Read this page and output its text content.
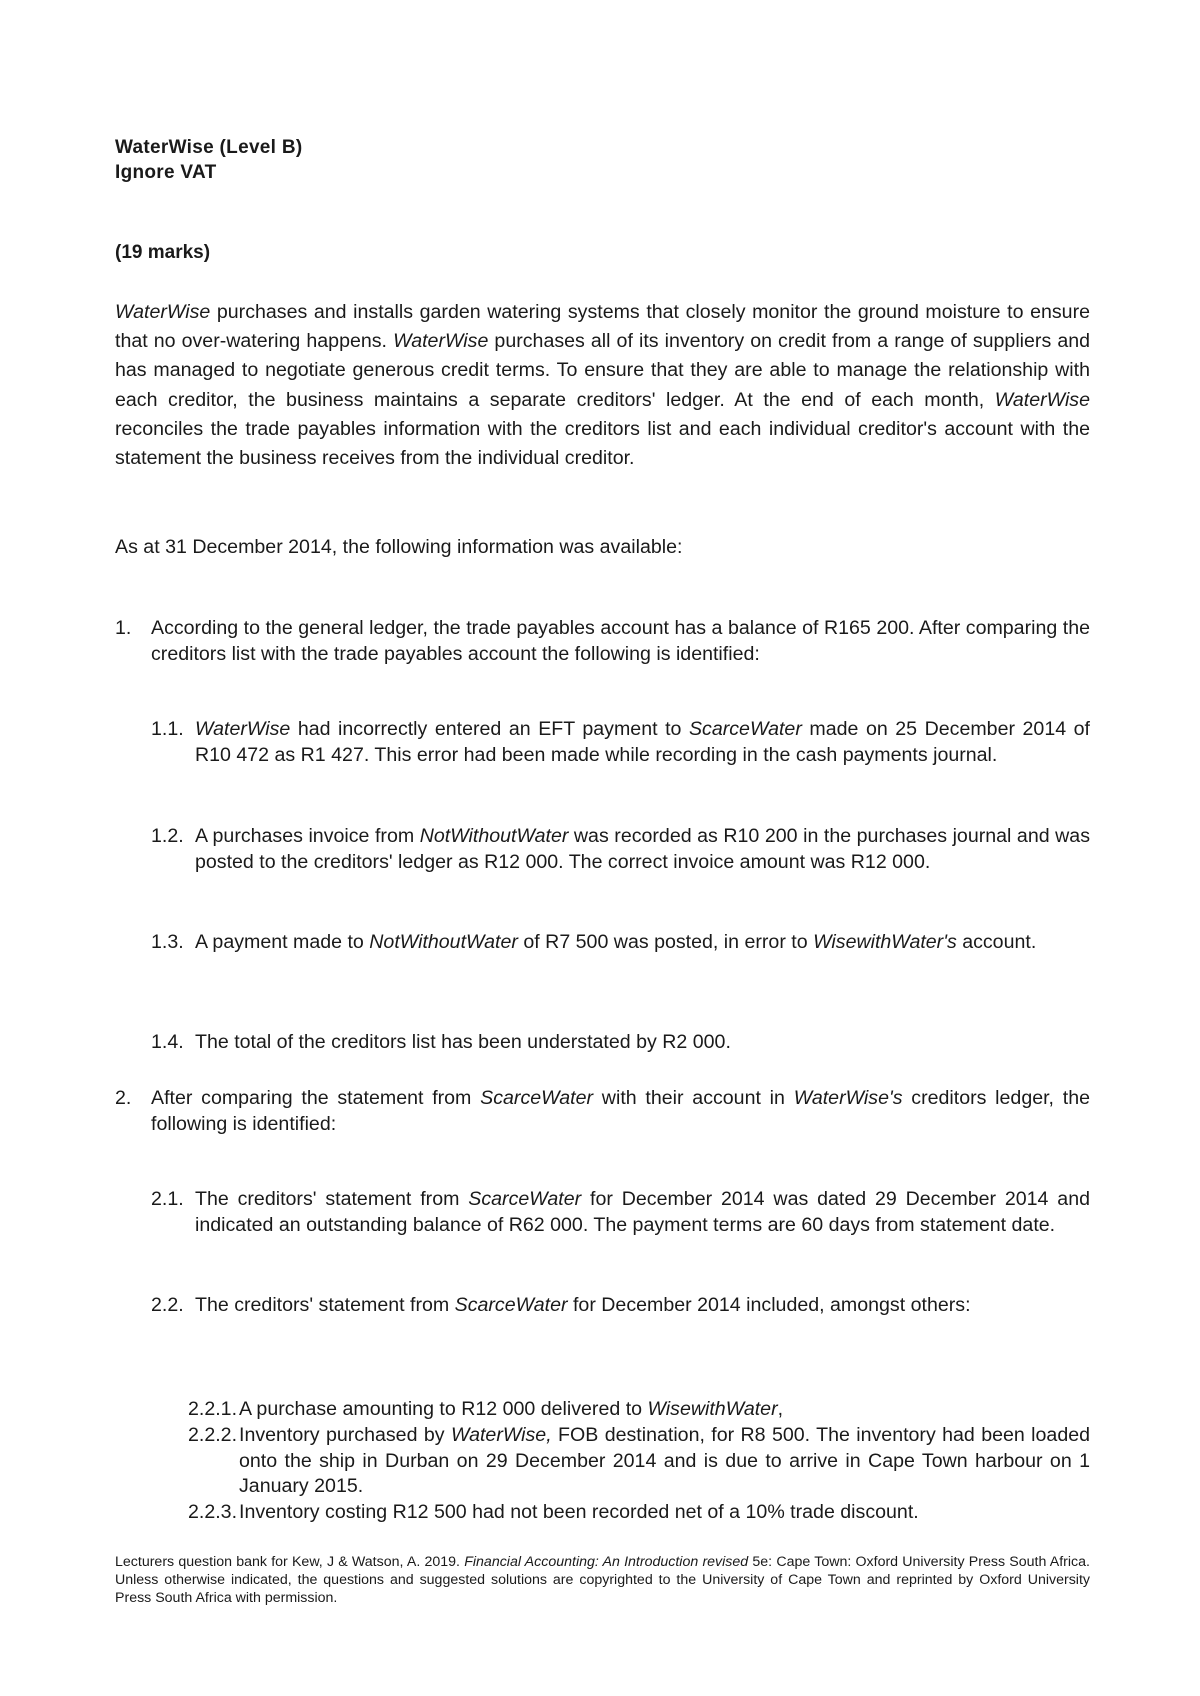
WaterWise (Level B)
Ignore VAT
(19 marks)
WaterWise purchases and installs garden watering systems that closely monitor the ground moisture to ensure that no over-watering happens. WaterWise purchases all of its inventory on credit from a range of suppliers and has managed to negotiate generous credit terms. To ensure that they are able to manage the relationship with each creditor, the business maintains a separate creditors' ledger. At the end of each month, WaterWise reconciles the trade payables information with the creditors list and each individual creditor's account with the statement the business receives from the individual creditor.
As at 31 December 2014, the following information was available:
1. According to the general ledger, the trade payables account has a balance of R165 200. After comparing the creditors list with the trade payables account the following is identified:
1.1. WaterWise had incorrectly entered an EFT payment to ScarceWater made on 25 December 2014 of R10 472 as R1 427. This error had been made while recording in the cash payments journal.
1.2. A purchases invoice from NotWithoutWater was recorded as R10 200 in the purchases journal and was posted to the creditors' ledger as R12 000. The correct invoice amount was R12 000.
1.3. A payment made to NotWithoutWater of R7 500 was posted, in error to WisewithWater's account.
1.4. The total of the creditors list has been understated by R2 000.
2. After comparing the statement from ScarceWater with their account in WaterWise's creditors ledger, the following is identified:
2.1. The creditors' statement from ScarceWater for December 2014 was dated 29 December 2014 and indicated an outstanding balance of R62 000. The payment terms are 60 days from statement date.
2.2. The creditors' statement from ScarceWater for December 2014 included, amongst others:
2.2.1. A purchase amounting to R12 000 delivered to WisewithWater,
2.2.2. Inventory purchased by WaterWise, FOB destination, for R8 500. The inventory had been loaded onto the ship in Durban on 29 December 2014 and is due to arrive in Cape Town harbour on 1 January 2015.
2.2.3. Inventory costing R12 500 had not been recorded net of a 10% trade discount.
Lecturers question bank for Kew, J & Watson, A. 2019. Financial Accounting: An Introduction revised 5e: Cape Town: Oxford University Press South Africa. Unless otherwise indicated, the questions and suggested solutions are copyrighted to the University of Cape Town and reprinted by Oxford University Press South Africa with permission.
